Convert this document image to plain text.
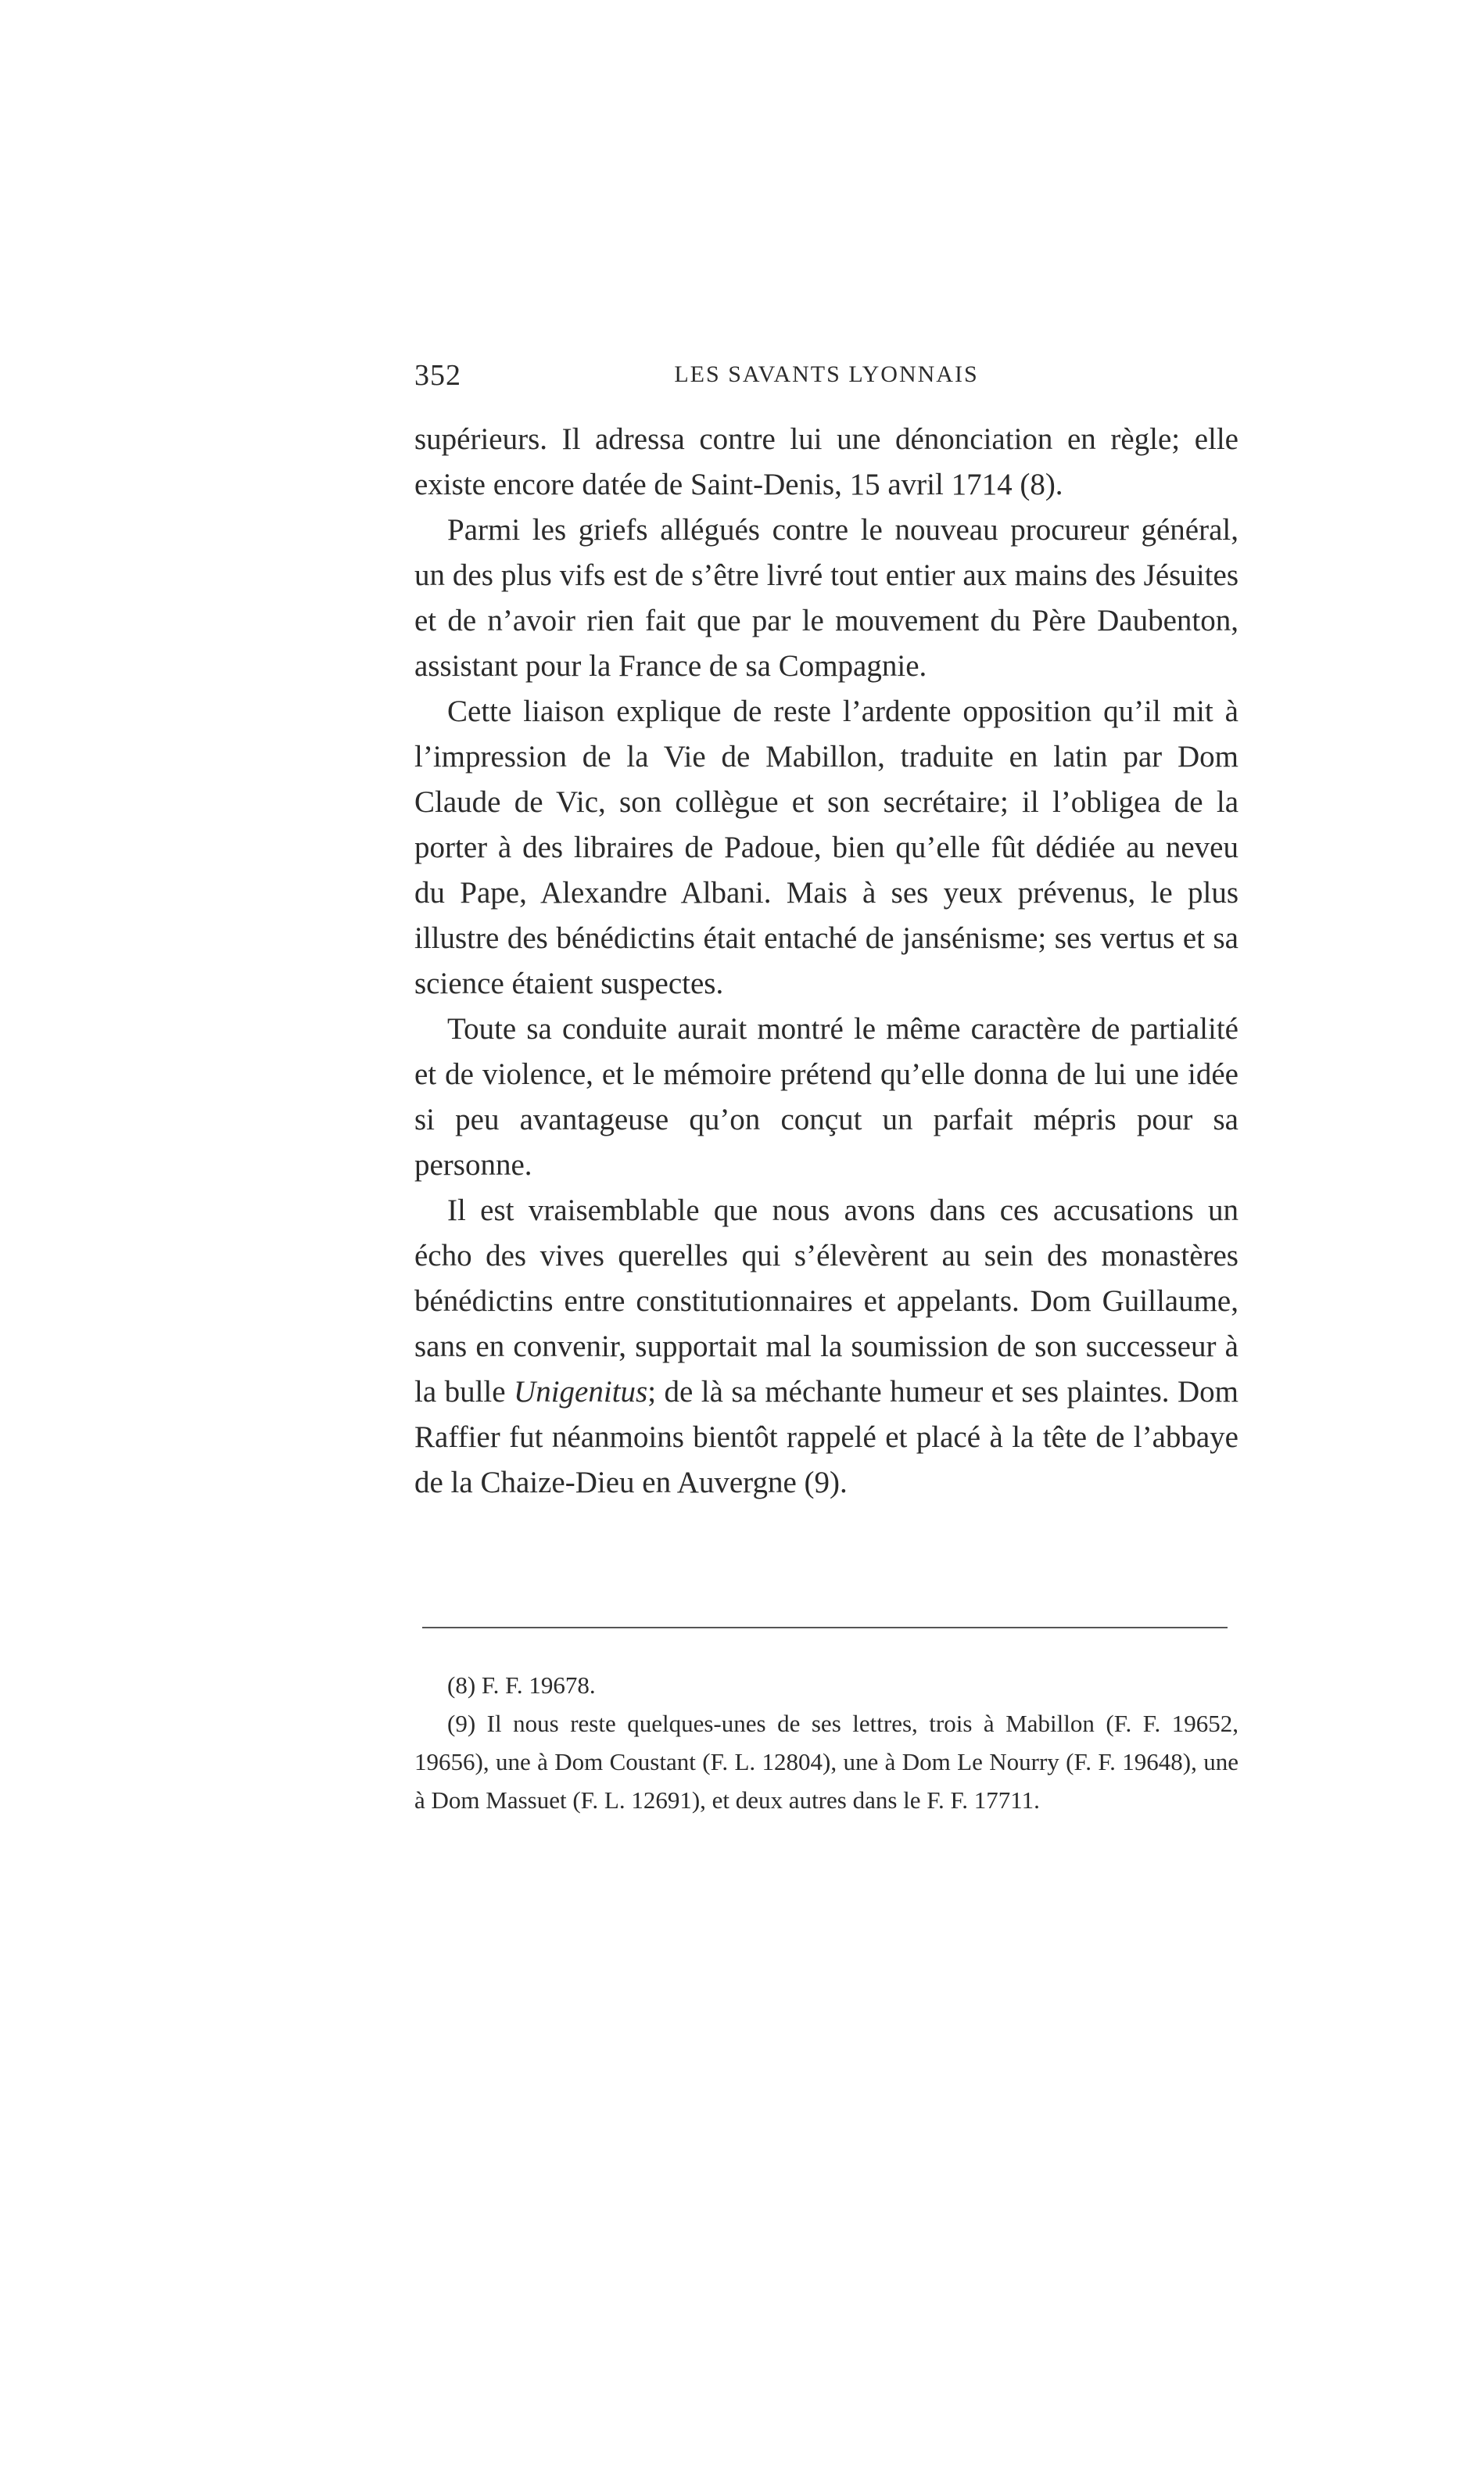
352	LES SAVANTS LYONNAIS

supérieurs. Il adressa contre lui une dénonciation en règle; elle existe encore datée de Saint-Denis, 15 avril 1714 (8).

Parmi les griefs allégués contre le nouveau procureur général, un des plus vifs est de s’être livré tout entier aux mains des Jésuites et de n’avoir rien fait que par le mouvement du Père Daubenton, assistant pour la France de sa Compagnie.

Cette liaison explique de reste l’ardente opposition qu’il mit à l’impression de la Vie de Mabillon, traduite en latin par Dom Claude de Vic, son collègue et son secrétaire; il l’obligea de la porter à des libraires de Padoue, bien qu’elle fût dédiée au neveu du Pape, Alexandre Albani. Mais à ses yeux prévenus, le plus illustre des bénédictins était entaché de jansénisme; ses vertus et sa science étaient suspectes.

Toute sa conduite aurait montré le même caractère de partialité et de violence, et le mémoire prétend qu’elle donna de lui une idée si peu avantageuse qu’on conçut un parfait mépris pour sa personne.

Il est vraisemblable que nous avons dans ces accusations un écho des vives querelles qui s’élevèrent au sein des monastères bénédictins entre constitutionnaires et appelants. Dom Guillaume, sans en convenir, supportait mal la soumission de son successeur à la bulle Unigenitus; de là sa méchante humeur et ses plaintes. Dom Raffier fut néanmoins bientôt rappelé et placé à la tête de l’abbaye de la Chaize-Dieu en Auvergne (9).

(8) F. F. 19678.

(9) Il nous reste quelques-unes de ses lettres, trois à Mabillon (F. F. 19652, 19656), une à Dom Coustant (F. L. 12804), une à Dom Le Nourry (F. F. 19648), une à Dom Massuet (F. L. 12691), et deux autres dans le F. F. 17711.
